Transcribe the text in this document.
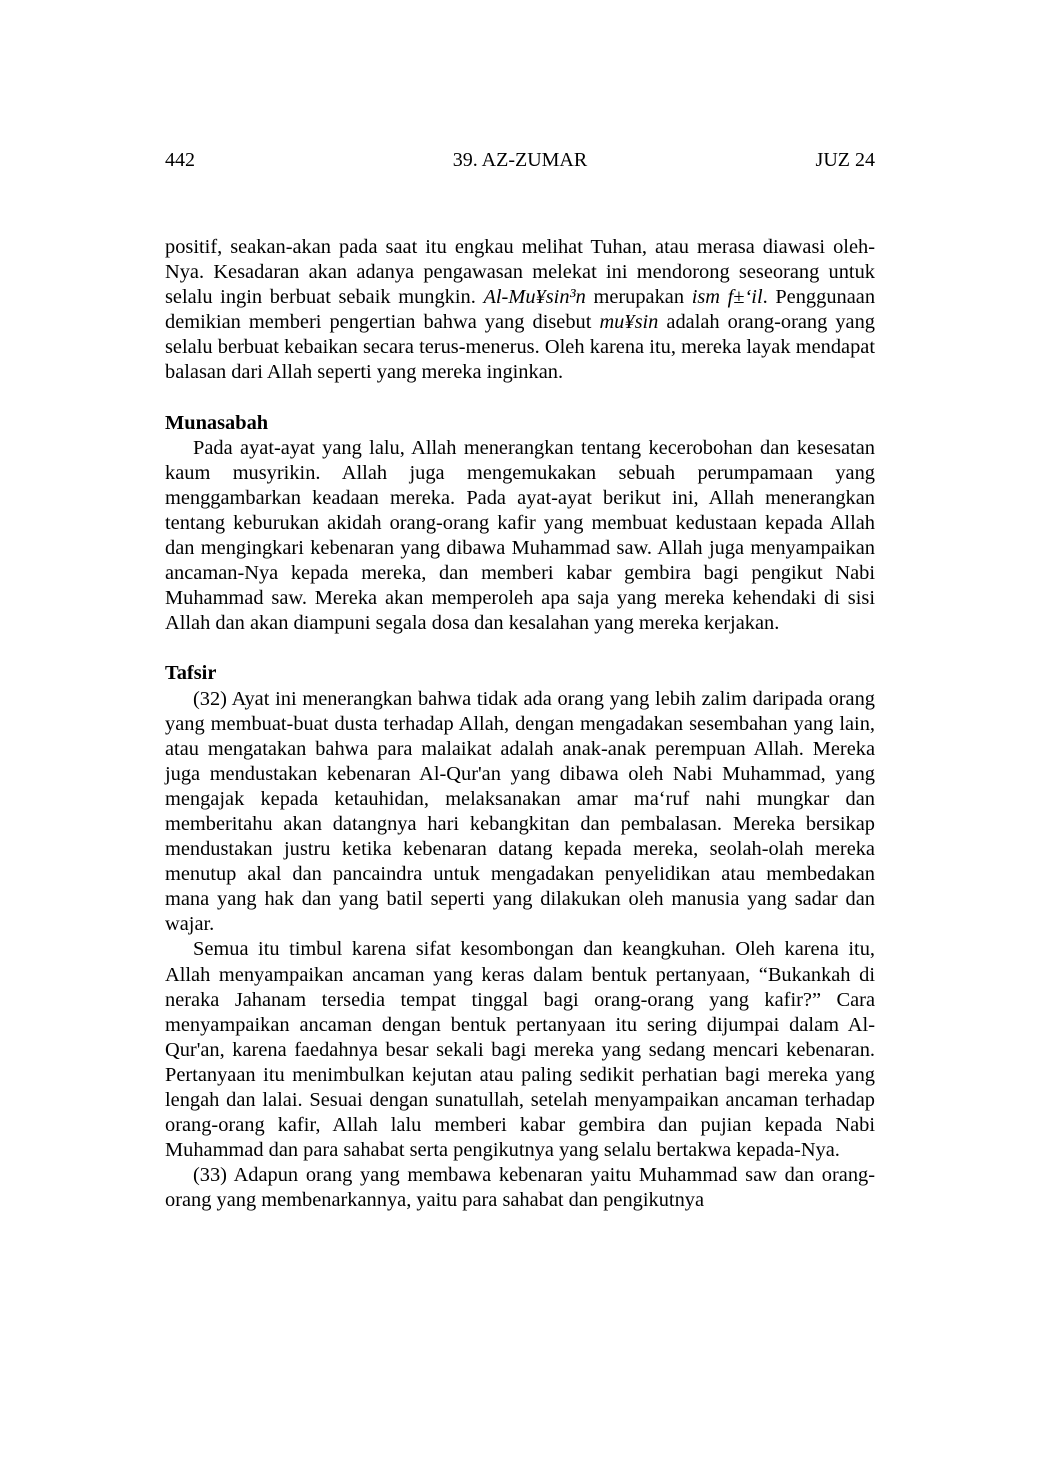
442	39. AZ-ZUMAR	JUZ 24

positif, seakan-akan pada saat itu engkau melihat Tuhan, atau merasa diawasi oleh-Nya. Kesadaran akan adanya pengawasan melekat ini mendorong seseorang untuk selalu ingin berbuat sebaik mungkin. Al-Mu¥sin³n merupakan ism f±‘il. Penggunaan demikian memberi pengertian bahwa yang disebut mu¥sin adalah orang-orang yang selalu berbuat kebaikan secara terus-menerus. Oleh karena itu, mereka layak mendapat balasan dari Allah seperti yang mereka inginkan.

Munasabah

Pada ayat-ayat yang lalu, Allah menerangkan tentang kecerobohan dan kesesatan kaum musyrikin. Allah juga mengemukakan sebuah perumpamaan yang menggambarkan keadaan mereka. Pada ayat-ayat berikut ini, Allah menerangkan tentang keburukan akidah orang-orang kafir yang membuat kedustaan kepada Allah dan mengingkari kebenaran yang dibawa Muhammad saw. Allah juga menyampaikan ancaman-Nya kepada mereka, dan memberi kabar gembira bagi pengikut Nabi Muhammad saw. Mereka akan memperoleh apa saja yang mereka kehendaki di sisi Allah dan akan diampuni segala dosa dan kesalahan yang mereka kerjakan.

Tafsir

(32) Ayat ini menerangkan bahwa tidak ada orang yang lebih zalim daripada orang yang membuat-buat dusta terhadap Allah, dengan mengadakan sesembahan yang lain, atau mengatakan bahwa para malaikat adalah anak-anak perempuan Allah. Mereka juga mendustakan kebenaran Al-Qur'an yang dibawa oleh Nabi Muhammad, yang mengajak kepada ketauhidan, melaksanakan amar ma‘ruf nahi mungkar dan memberitahu akan datangnya hari kebangkitan dan pembalasan. Mereka bersikap mendustakan justru ketika kebenaran datang kepada mereka, seolah-olah mereka menutup akal dan pancaindra untuk mengadakan penyelidikan atau membedakan mana yang hak dan yang batil seperti yang dilakukan oleh manusia yang sadar dan wajar.

Semua itu timbul karena sifat kesombongan dan keangkuhan. Oleh karena itu, Allah menyampaikan ancaman yang keras dalam bentuk pertanyaan, “Bukankah di neraka Jahanam tersedia tempat tinggal bagi orang-orang yang kafir?” Cara menyampaikan ancaman dengan bentuk pertanyaan itu sering dijumpai dalam Al-Qur'an, karena faedahnya besar sekali bagi mereka yang sedang mencari kebenaran. Pertanyaan itu menimbulkan kejutan atau paling sedikit perhatian bagi mereka yang lengah dan lalai. Sesuai dengan sunatullah, setelah menyampaikan ancaman terhadap orang-orang kafir, Allah lalu memberi kabar gembira dan pujian kepada Nabi Muhammad dan para sahabat serta pengikutnya yang selalu bertakwa kepada-Nya.

(33) Adapun orang yang membawa kebenaran yaitu Muhammad saw dan orang-orang yang membenarkannya, yaitu para sahabat dan pengikutnya
